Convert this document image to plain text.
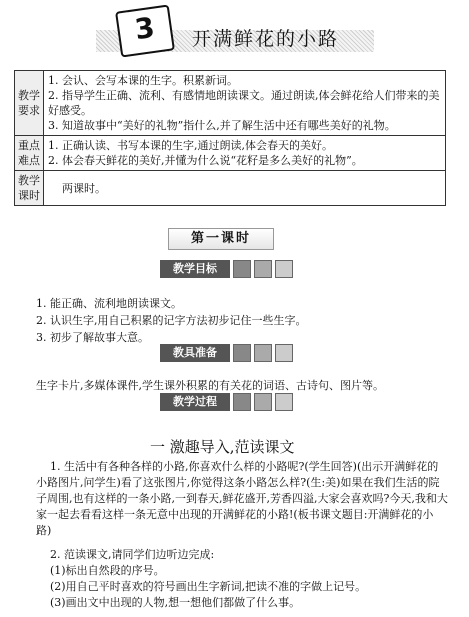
3	开满鲜花的小路
教学要求	1. 会认、会写本课的生字。积累新词。

2. 指导学生正确、流利、有感情地朗读课文。通过朗读,体会鲜花给人们带来的美好感受。

3. 知道故事中“美好的礼物”指什么,并了解生活中还有哪些美好的礼物。

重点难点	1. 正确认读、书写本课的生字,通过朗读,体会春天的美好。

2. 体会春天鲜花的美好,并懂为什么说“花籽是多么美好的礼物”。

教学课时	两课时。

第一课时
教学目标

1. 能正确、流利地朗读课文。

2. 认识生字,用自己积累的记字方法初步记住一些生字。

3. 初步了解故事大意。

教具准备

生字卡片,多媒体课件,学生课外积累的有关花的词语、古诗句、图片等。

教学过程
一 激趣导入,范读课文

1. 生活中有各种各样的小路,你喜欢什么样的小路呢?(学生回答)(出示开满鲜花的小路图片,问学生)看了这张图片,你觉得这条小路怎么样?(生:美)如果在我们生活的院子周围,也有这样的一条小路,一到春天,鲜花盛开,芳香四溢,大家会喜欢吗?今天,我和大家一起去看看这样一条无意中出现的开满鲜花的小路!(板书课文题目:开满鲜花的小路)

2. 范读课文,请同学们边听边完成:

(1)标出自然段的序号。

(2)用自己平时喜欢的符号画出生字新词,把读不准的字做上记号。

(3)画出文中出现的人物,想一想他们都做了什么事。
